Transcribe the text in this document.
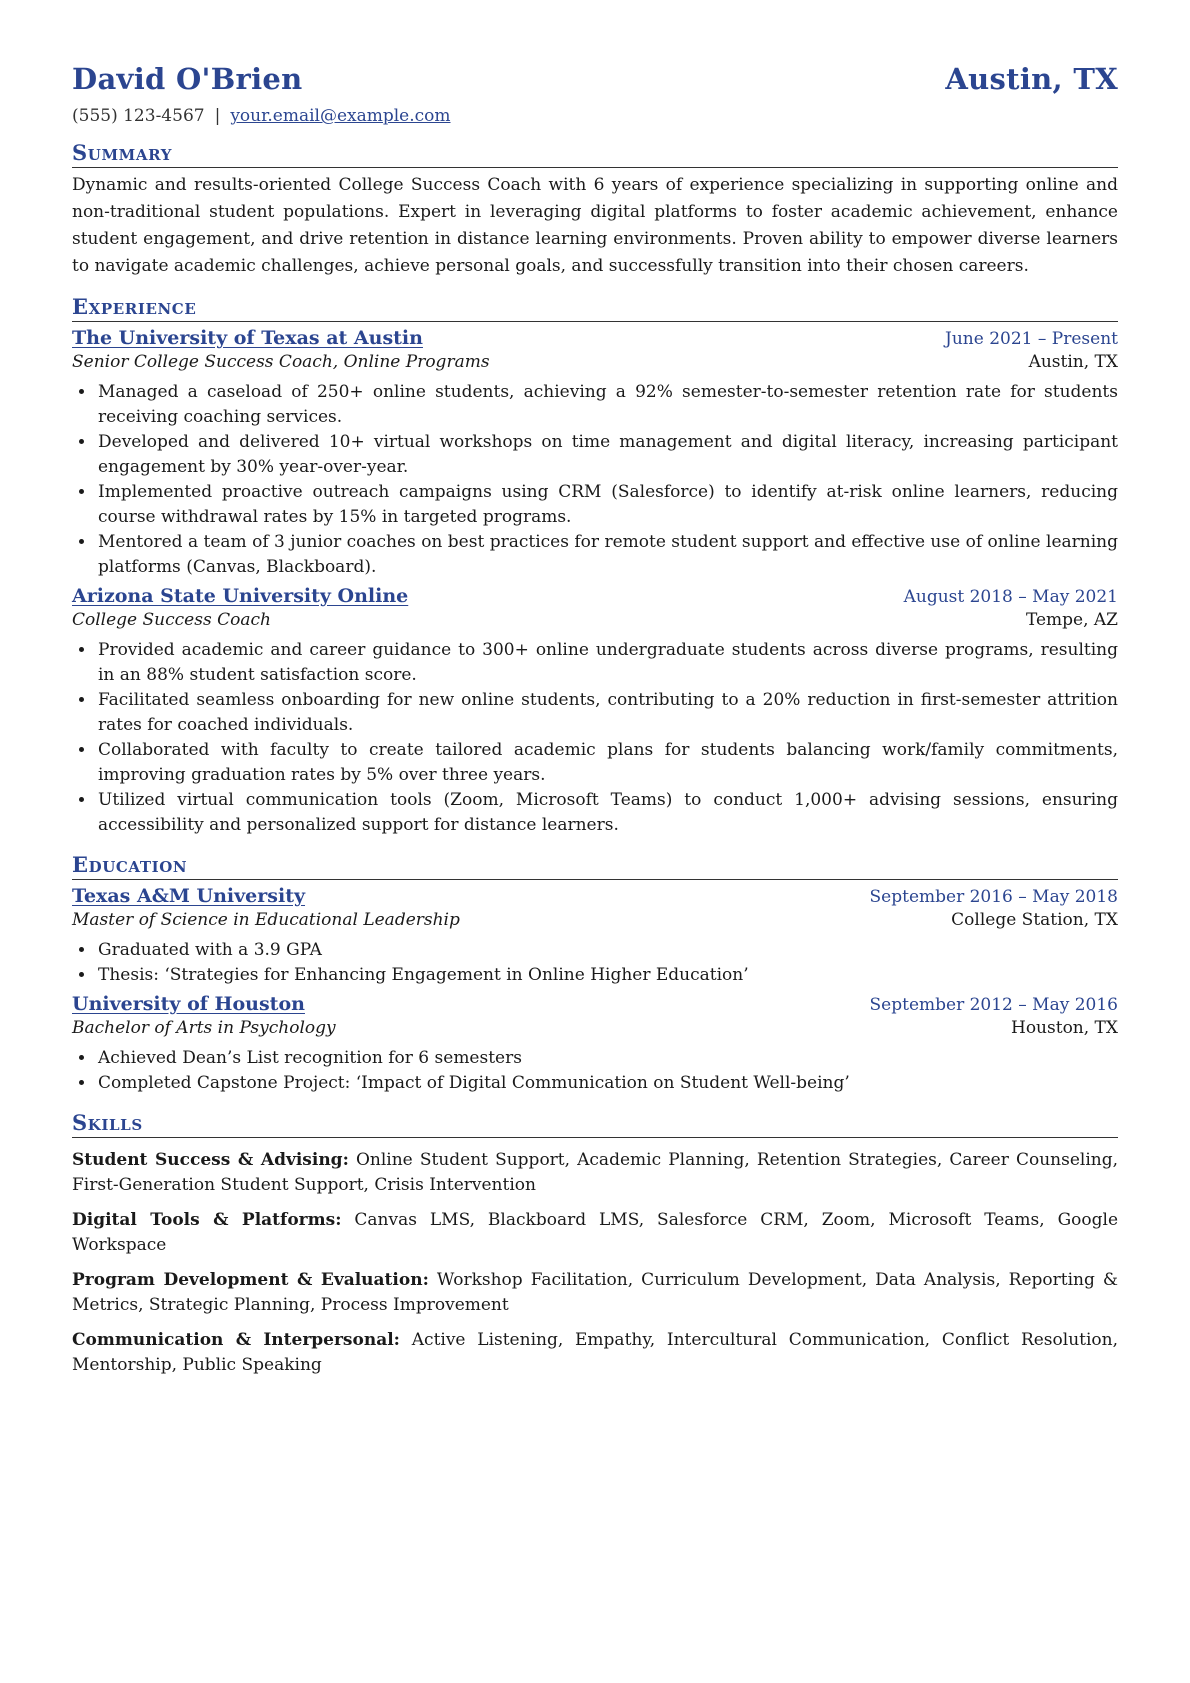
David O'Brien	Austin, TX
(555) 123-4567 | your.email@example.com
Summary
Dynamic and results-oriented College Success Coach with 6 years of experience specializing in supporting online and non-traditional student populations. Expert in leveraging digital platforms to foster academic achievement, enhance student engagement, and drive retention in distance learning environments. Proven ability to empower diverse learners to navigate academic challenges, achieve personal goals, and successfully transition into their chosen careers.
Experience
The University of Texas at Austin	June 2021 – Present
Senior College Success Coach, Online Programs	Austin, TX
• Managed a caseload of 250+ online students, achieving a 92% semester-to-semester retention rate for students receiving coaching services.
• Developed and delivered 10+ virtual workshops on time management and digital literacy, increasing participant engagement by 30% year-over-year.
• Implemented proactive outreach campaigns using CRM (Salesforce) to identify at-risk online learners, reducing course withdrawal rates by 15% in targeted programs.
• Mentored a team of 3 junior coaches on best practices for remote student support and effective use of online learning platforms (Canvas, Blackboard).
Arizona State University Online	August 2018 – May 2021
College Success Coach	Tempe, AZ
• Provided academic and career guidance to 300+ online undergraduate students across diverse programs, resulting in an 88% student satisfaction score.
• Facilitated seamless onboarding for new online students, contributing to a 20% reduction in first-semester attrition rates for coached individuals.
• Collaborated with faculty to create tailored academic plans for students balancing work/family commitments, improving graduation rates by 5% over three years.
• Utilized virtual communication tools (Zoom, Microsoft Teams) to conduct 1,000+ advising sessions, ensuring accessibility and personalized support for distance learners.
Education
Texas A&M University	September 2016 – May 2018
Master of Science in Educational Leadership	College Station, TX
• Graduated with a 3.9 GPA
• Thesis: ‘Strategies for Enhancing Engagement in Online Higher Education’
University of Houston	September 2012 – May 2016
Bachelor of Arts in Psychology	Houston, TX
• Achieved Dean’s List recognition for 6 semesters
• Completed Capstone Project: ‘Impact of Digital Communication on Student Well-being’
Skills
Student Success & Advising: Online Student Support, Academic Planning, Retention Strategies, Career Counseling, First-Generation Student Support, Crisis Intervention
Digital Tools & Platforms: Canvas LMS, Blackboard LMS, Salesforce CRM, Zoom, Microsoft Teams, Google Workspace
Program Development & Evaluation: Workshop Facilitation, Curriculum Development, Data Analysis, Reporting & Metrics, Strategic Planning, Process Improvement
Communication & Interpersonal: Active Listening, Empathy, Intercultural Communication, Conflict Resolution, Mentorship, Public Speaking
